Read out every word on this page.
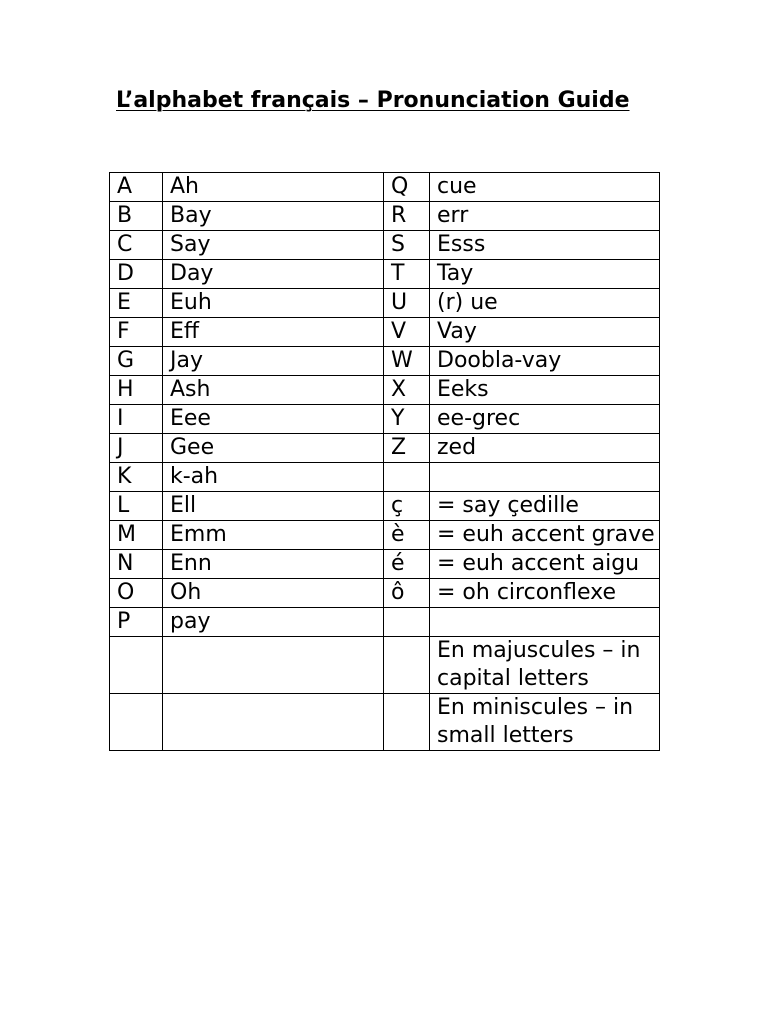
L’alphabet français – Pronunciation Guide
A	Ah	Q	cue
B	Bay	R	err
C	Say	S	Esss
D	Day	T	Tay
E	Euh	U	(r) ue
F	Eff	V	Vay
G	Jay	W	Doobla-vay
H	Ash	X	Eeks
I	Eee	Y	ee-grec
J	Gee	Z	zed
K	k-ah		
L	Ell	ç	= say çedille
M	Emm	è	= euh accent grave
N	Enn	é	= euh accent aigu
O	Oh	ô	= oh circonflexe
P	pay		
			En majuscules – in capital letters
			En miniscules – in small letters
